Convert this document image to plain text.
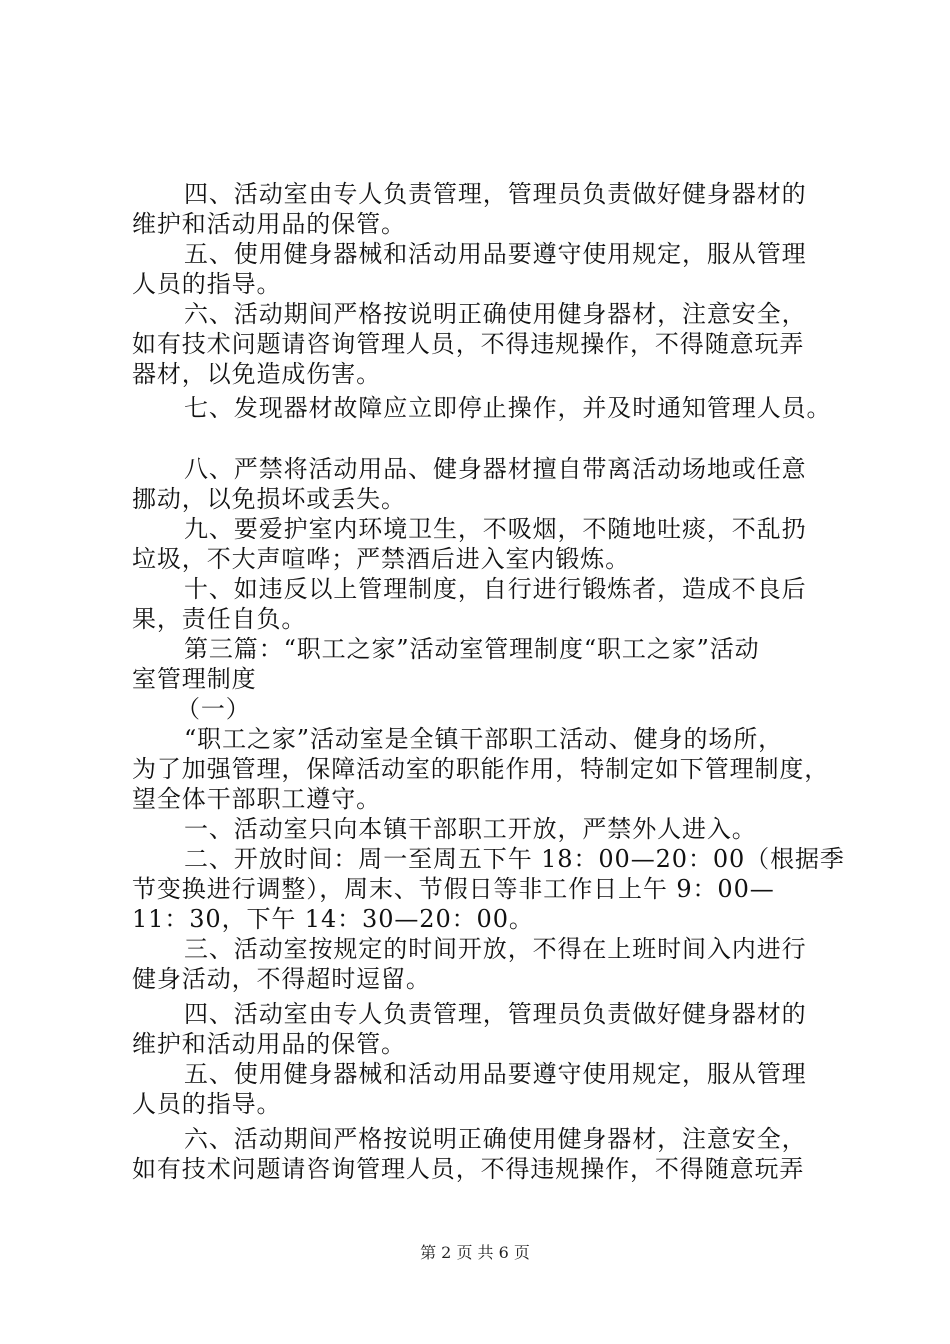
四、活动室由专人负责管理，管理员负责做好健身器材的
维护和活动用品的保管。
五、使用健身器械和活动用品要遵守使用规定，服从管理
人员的指导。
六、活动期间严格按说明正确使用健身器材，注意安全，
如有技术问题请咨询管理人员，不得违规操作，不得随意玩弄
器材，以免造成伤害。
七、发现器材故障应立即停止操作，并及时通知管理人员。
八、严禁将活动用品、健身器材擅自带离活动场地或任意
挪动，以免损坏或丢失。
九、要爱护室内环境卫生，不吸烟，不随地吐痰，不乱扔
垃圾，不大声喧哗；严禁酒后进入室内锻炼。
十、如违反以上管理制度，自行进行锻炼者，造成不良后
果，责任自负。
第三篇：“职工之家”活动室管理制度“职工之家”活动
室管理制度
（一）
“职工之家”活动室是全镇干部职工活动、健身的场所，
为了加强管理，保障活动室的职能作用，特制定如下管理制度，
望全体干部职工遵守。
一、活动室只向本镇干部职工开放，严禁外人进入。
二、开放时间：周一至周五下午 18：00—20：00（根据季
节变换进行调整），周末、节假日等非工作日上午 9：00—
11：30，下午 14：30—20：00。
三、活动室按规定的时间开放，不得在上班时间入内进行
健身活动，不得超时逗留。
四、活动室由专人负责管理，管理员负责做好健身器材的
维护和活动用品的保管。
五、使用健身器械和活动用品要遵守使用规定，服从管理
人员的指导。
六、活动期间严格按说明正确使用健身器材，注意安全，
如有技术问题请咨询管理人员，不得违规操作，不得随意玩弄
第 2 页 共 6 页
